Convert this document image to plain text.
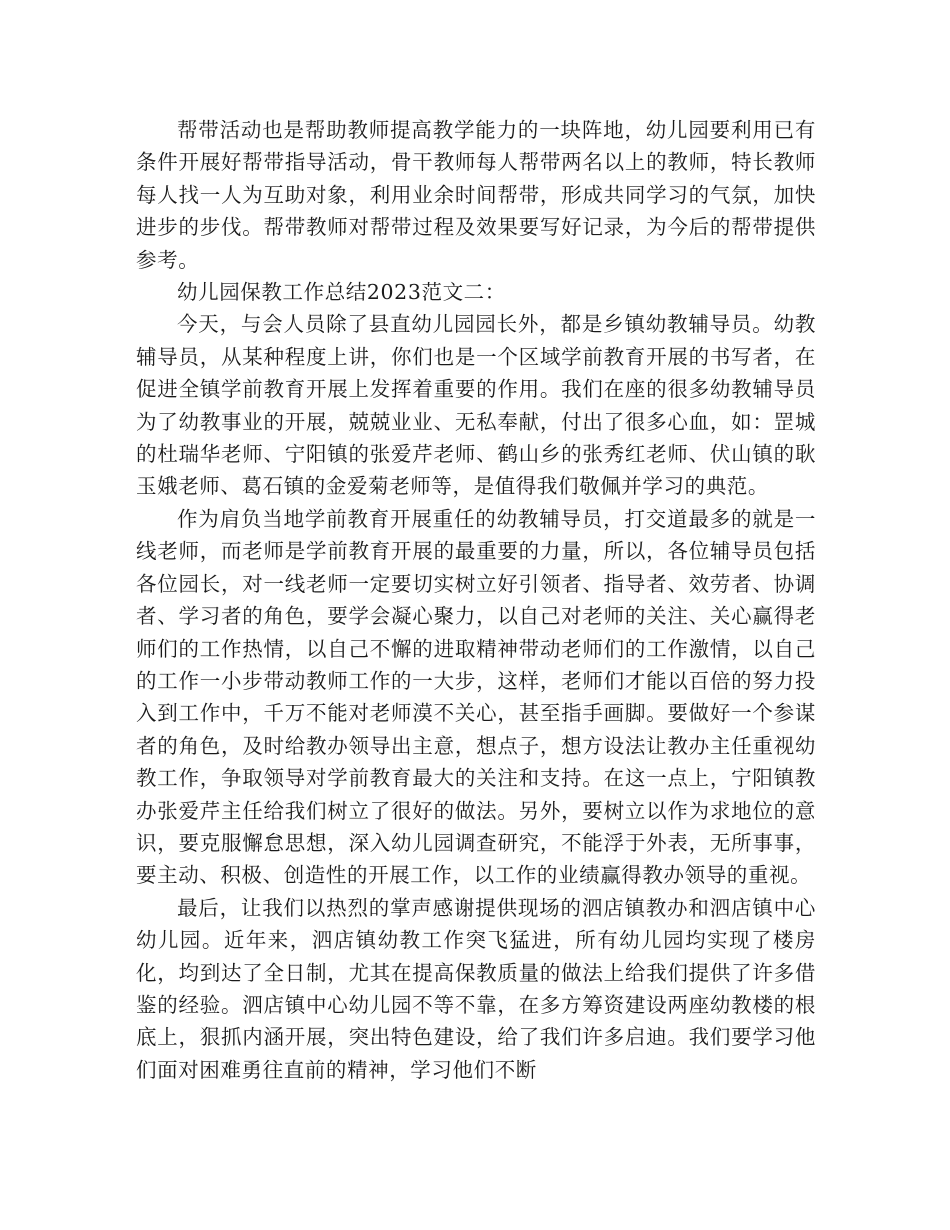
帮带活动也是帮助教师提高教学能力的一块阵地，幼儿园要利用已有条件开展好帮带指导活动，骨干教师每人帮带两名以上的教师，特长教师每人找一人为互助对象，利用业余时间帮带，形成共同学习的气氛，加快进步的步伐。帮带教师对帮带过程及效果要写好记录，为今后的帮带提供参考。

幼儿园保教工作总结2023范文二：

今天，与会人员除了县直幼儿园园长外，都是乡镇幼教辅导员。幼教辅导员，从某种程度上讲，你们也是一个区域学前教育开展的书写者，在促进全镇学前教育开展上发挥着重要的作用。我们在座的很多幼教辅导员为了幼教事业的开展，兢兢业业、无私奉献，付出了很多心血，如：罡城的杜瑞华老师、宁阳镇的张爱芹老师、鹤山乡的张秀红老师、伏山镇的耿玉娥老师、葛石镇的金爱菊老师等，是值得我们敬佩并学习的典范。

作为肩负当地学前教育开展重任的幼教辅导员，打交道最多的就是一线老师，而老师是学前教育开展的最重要的力量，所以，各位辅导员包括各位园长，对一线老师一定要切实树立好引领者、指导者、效劳者、协调者、学习者的角色，要学会凝心聚力，以自己对老师的关注、关心赢得老师们的工作热情，以自己不懈的进取精神带动老师们的工作激情，以自己的工作一小步带动教师工作的一大步，这样，老师们才能以百倍的努力投入到工作中，千万不能对老师漠不关心，甚至指手画脚。要做好一个参谋者的角色，及时给教办领导出主意，想点子，想方设法让教办主任重视幼教工作，争取领导对学前教育最大的关注和支持。在这一点上，宁阳镇教办张爱芹主任给我们树立了很好的做法。另外，要树立以作为求地位的意识，要克服懈怠思想，深入幼儿园调查研究，不能浮于外表，无所事事，要主动、积极、创造性的开展工作，以工作的业绩赢得教办领导的重视。

最后，让我们以热烈的掌声感谢提供现场的泗店镇教办和泗店镇中心幼儿园。近年来，泗店镇幼教工作突飞猛进，所有幼儿园均实现了楼房化，均到达了全日制，尤其在提高保教质量的做法上给我们提供了许多借鉴的经验。泗店镇中心幼儿园不等不靠，在多方筹资建设两座幼教楼的根底上，狠抓内涵开展，突出特色建设，给了我们许多启迪。我们要学习他们面对困难勇往直前的精神，学习他们不断
